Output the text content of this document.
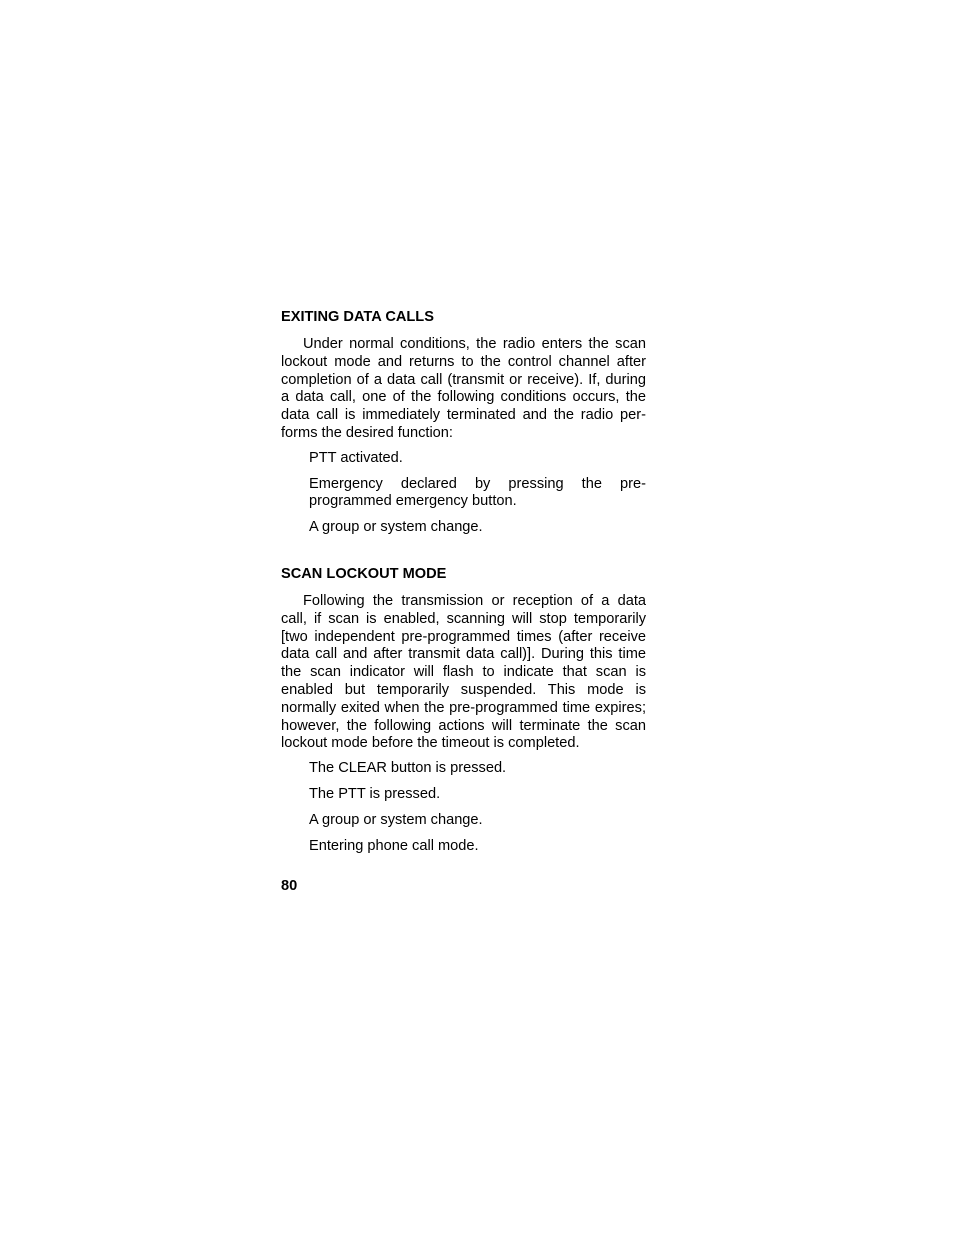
EXITING DATA CALLS

Under normal conditions, the radio enters the scan lockout mode and returns to the control channel after completion of a data call (transmit or receive). If, during a data call, one of the following conditions occurs, the data call is immediately terminated and the radio per-forms the desired function:

PTT activated.
Emergency declared by pressing the pre-programmed emergency button.
A group or system change.
SCAN LOCKOUT MODE

Following the transmission or reception of a data call, if scan is enabled, scanning will stop temporarily [two independent pre-programmed times (after receive data call and after transmit data call)]. During this time the scan indicator will flash to indicate that scan is enabled but temporarily suspended. This mode is normally exited when the pre-programmed time expires; however, the following actions will terminate the scan lockout mode before the timeout is completed.

The CLEAR button is pressed.
The PTT is pressed.
A group or system change.
Entering phone call mode.
80
